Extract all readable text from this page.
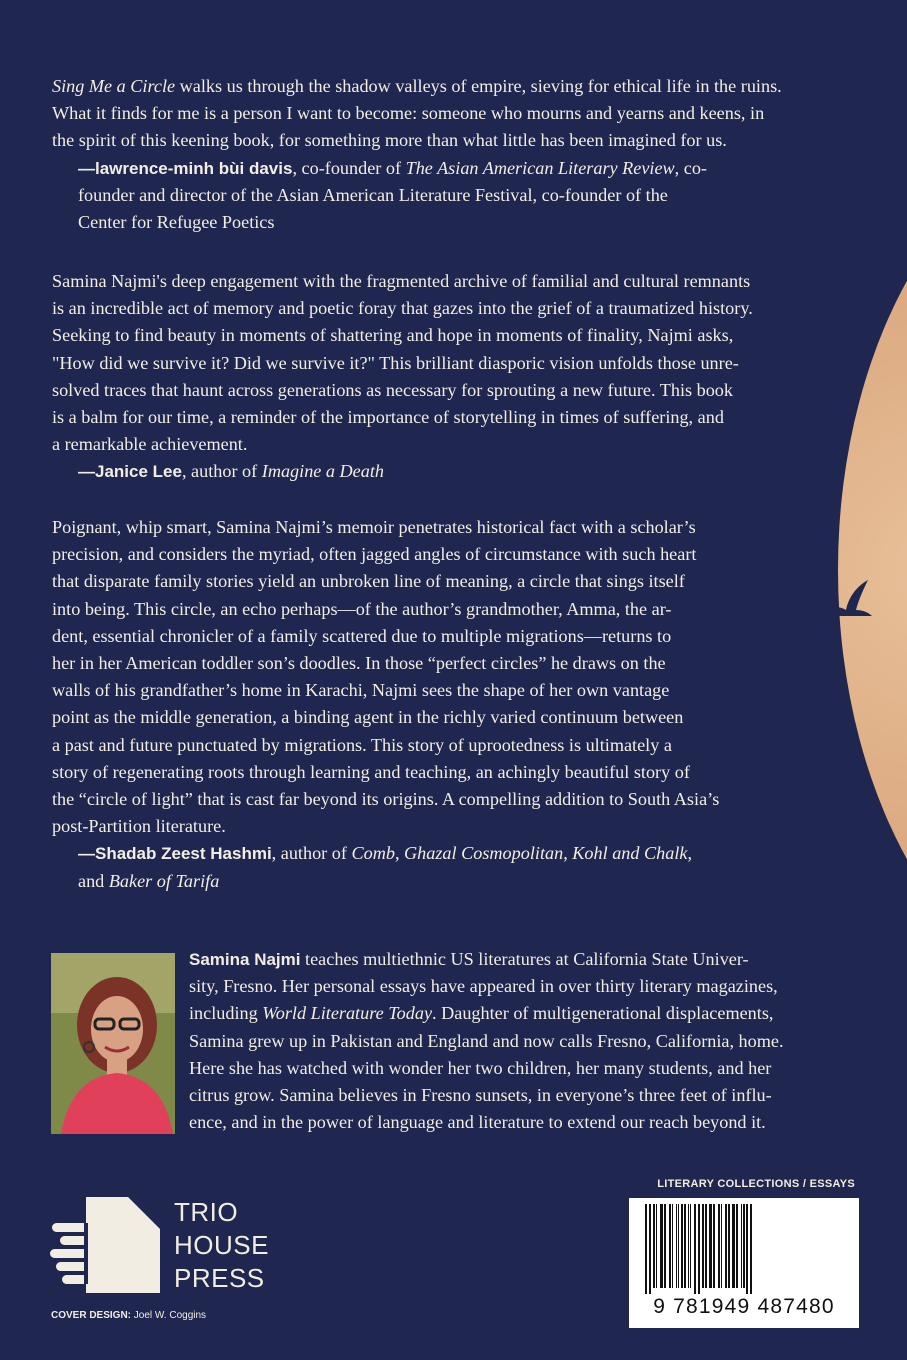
Sing Me a Circle walks us through the shadow valleys of empire, sieving for ethical life in the ruins.

What it finds for me is a person I want to become: someone who mourns and yearns and keens, in

the spirit of this keening book, for something more than what little has been imagined for us.

—lawrence-minh bùi davis, co-founder of The Asian American Literary Review, co-

founder and director of the Asian American Literature Festival, co-founder of the

Center for Refugee Poetics

Samina Najmi's deep engagement with the fragmented archive of familial and cultural remnants

is an incredible act of memory and poetic foray that gazes into the grief of a traumatized history.

Seeking to find beauty in moments of shattering and hope in moments of finality, Najmi asks,

"How did we survive it? Did we survive it?" This brilliant diasporic vision unfolds those unre-

solved traces that haunt across generations as necessary for sprouting a new future. This book

is a balm for our time, a reminder of the importance of storytelling in times of suffering, and

a remarkable achievement.

—Janice Lee, author of Imagine a Death

Poignant, whip smart, Samina Najmi’s memoir penetrates historical fact with a scholar’s

precision, and considers the myriad, often jagged angles of circumstance with such heart

that disparate family stories yield an unbroken line of meaning, a circle that sings itself

into being. This circle, an echo perhaps—of the author’s grandmother, Amma, the ar-

dent, essential chronicler of a family scattered due to multiple migrations—returns to

her in her American toddler son’s doodles. In those “perfect circles” he draws on the

walls of his grandfather’s home in Karachi, Najmi sees the shape of her own vantage

point as the middle generation, a binding agent in the richly varied continuum between

a past and future punctuated by migrations. This story of uprootedness is ultimately a

story of regenerating roots through learning and teaching, an achingly beautiful story of

the “circle of light” that is cast far beyond its origins. A compelling addition to South Asia’s

post-Partition literature.

—Shadab Zeest Hashmi, author of Comb, Ghazal Cosmopolitan, Kohl and Chalk,

and Baker of Tarifa

Samina Najmi teaches multiethnic US literatures at California State Univer-

sity, Fresno. Her personal essays have appeared in over thirty literary magazines,

including World Literature Today. Daughter of multigenerational displacements,

Samina grew up in Pakistan and England and now calls Fresno, California, home.

Here she has watched with wonder her two children, her many students, and her

citrus grow. Samina believes in Fresno sunsets, in everyone’s three feet of influ-

ence, and in the power of language and literature to extend our reach beyond it.

LITERARY COLLECTIONS / ESSAYS
9 781949 487480
TRIO
HOUSE
PRESS
COVER DESIGN: Joel W. Coggins
